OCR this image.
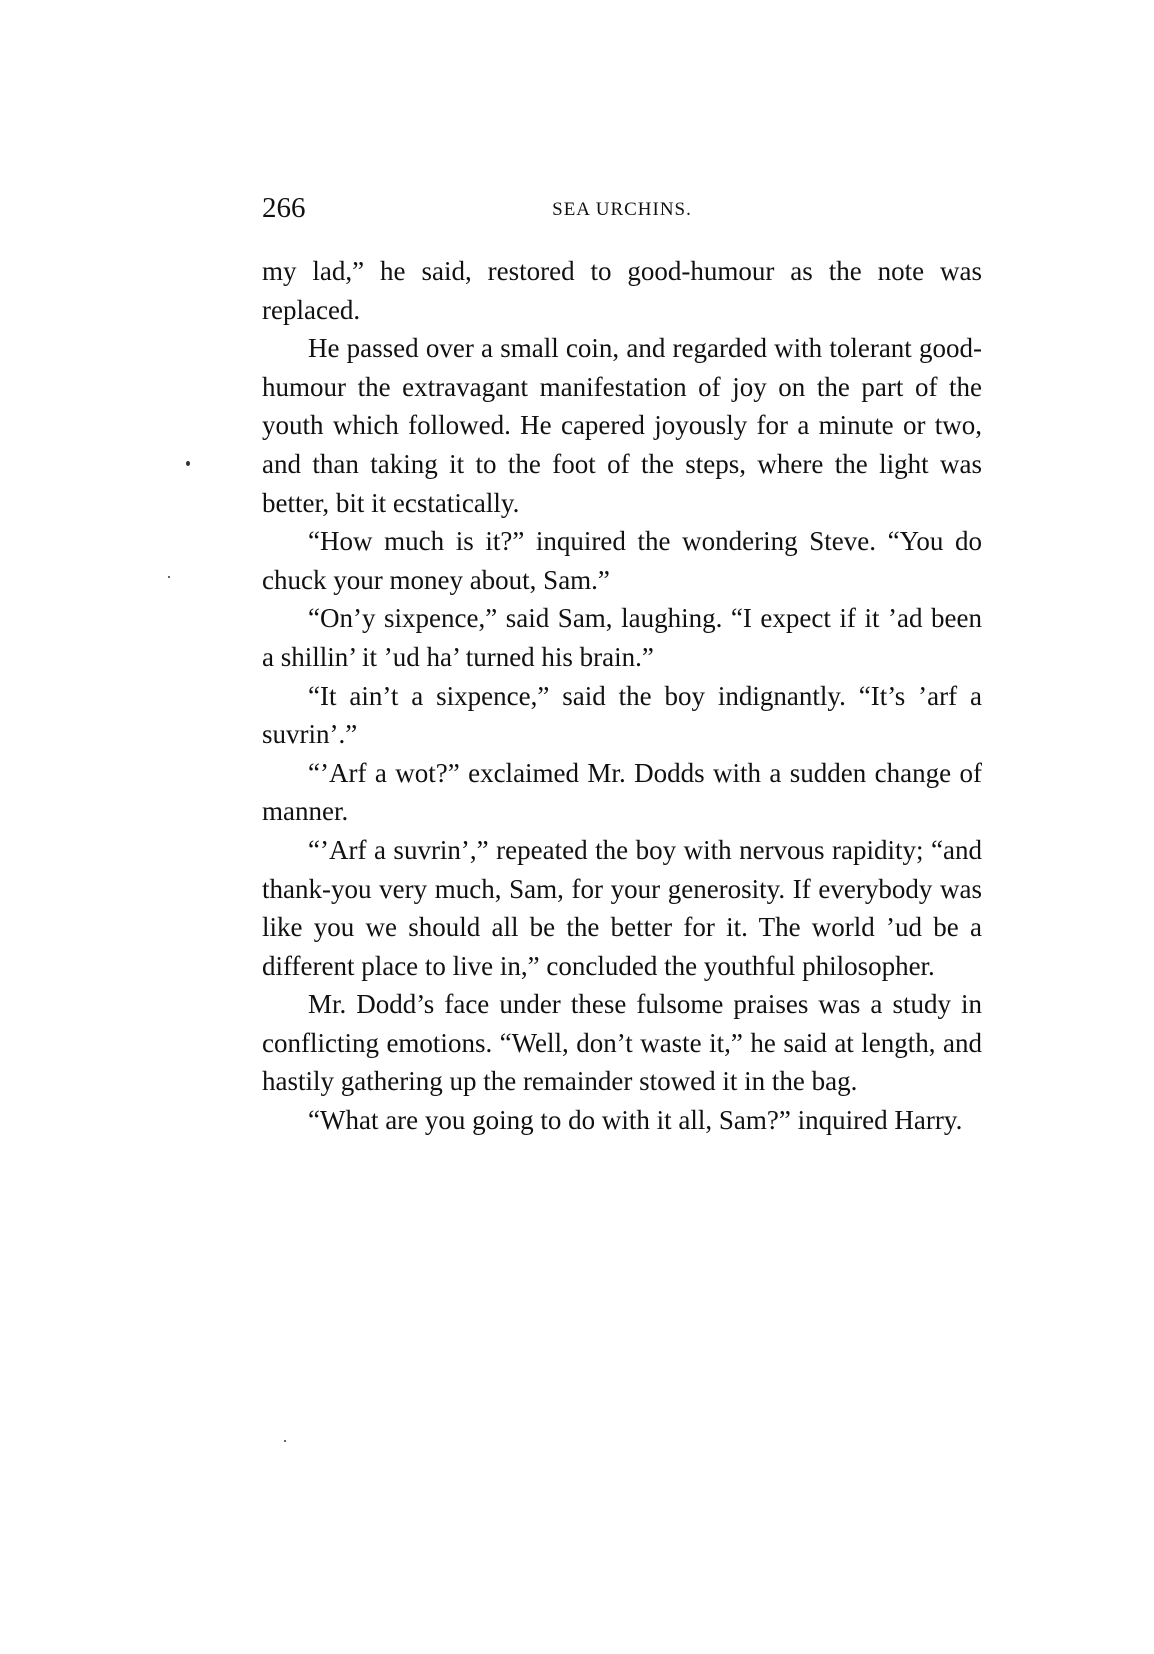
266	SEA URCHINS.

my lad,” he said, restored to good-humour as the note was replaced.

He passed over a small coin, and regarded with tolerant good-humour the extravagant manifestation of joy on the part of the youth which followed. He capered joyously for a minute or two, and than taking it to the foot of the steps, where the light was better, bit it ecstatically.

“How much is it?” inquired the wondering Steve. “You do chuck your money about, Sam.”

“On’y sixpence,” said Sam, laughing. “I expect if it ’ad been a shillin’ it ’ud ha’ turned his brain.”

“It ain’t a sixpence,” said the boy indignantly. “It’s ’arf a suvrin’.”

“’Arf a wot?” exclaimed Mr. Dodds with a sudden change of manner.

“’Arf a suvrin’,” repeated the boy with nervous rapidity; “and thank-you very much, Sam, for your generosity. If everybody was like you we should all be the better for it. The world ’ud be a different place to live in,” concluded the youthful philosopher.

Mr. Dodd’s face under these fulsome praises was a study in conflicting emotions. “Well, don’t waste it,” he said at length, and hastily gathering up the remainder stowed it in the bag.

“What are you going to do with it all, Sam?” inquired Harry.
